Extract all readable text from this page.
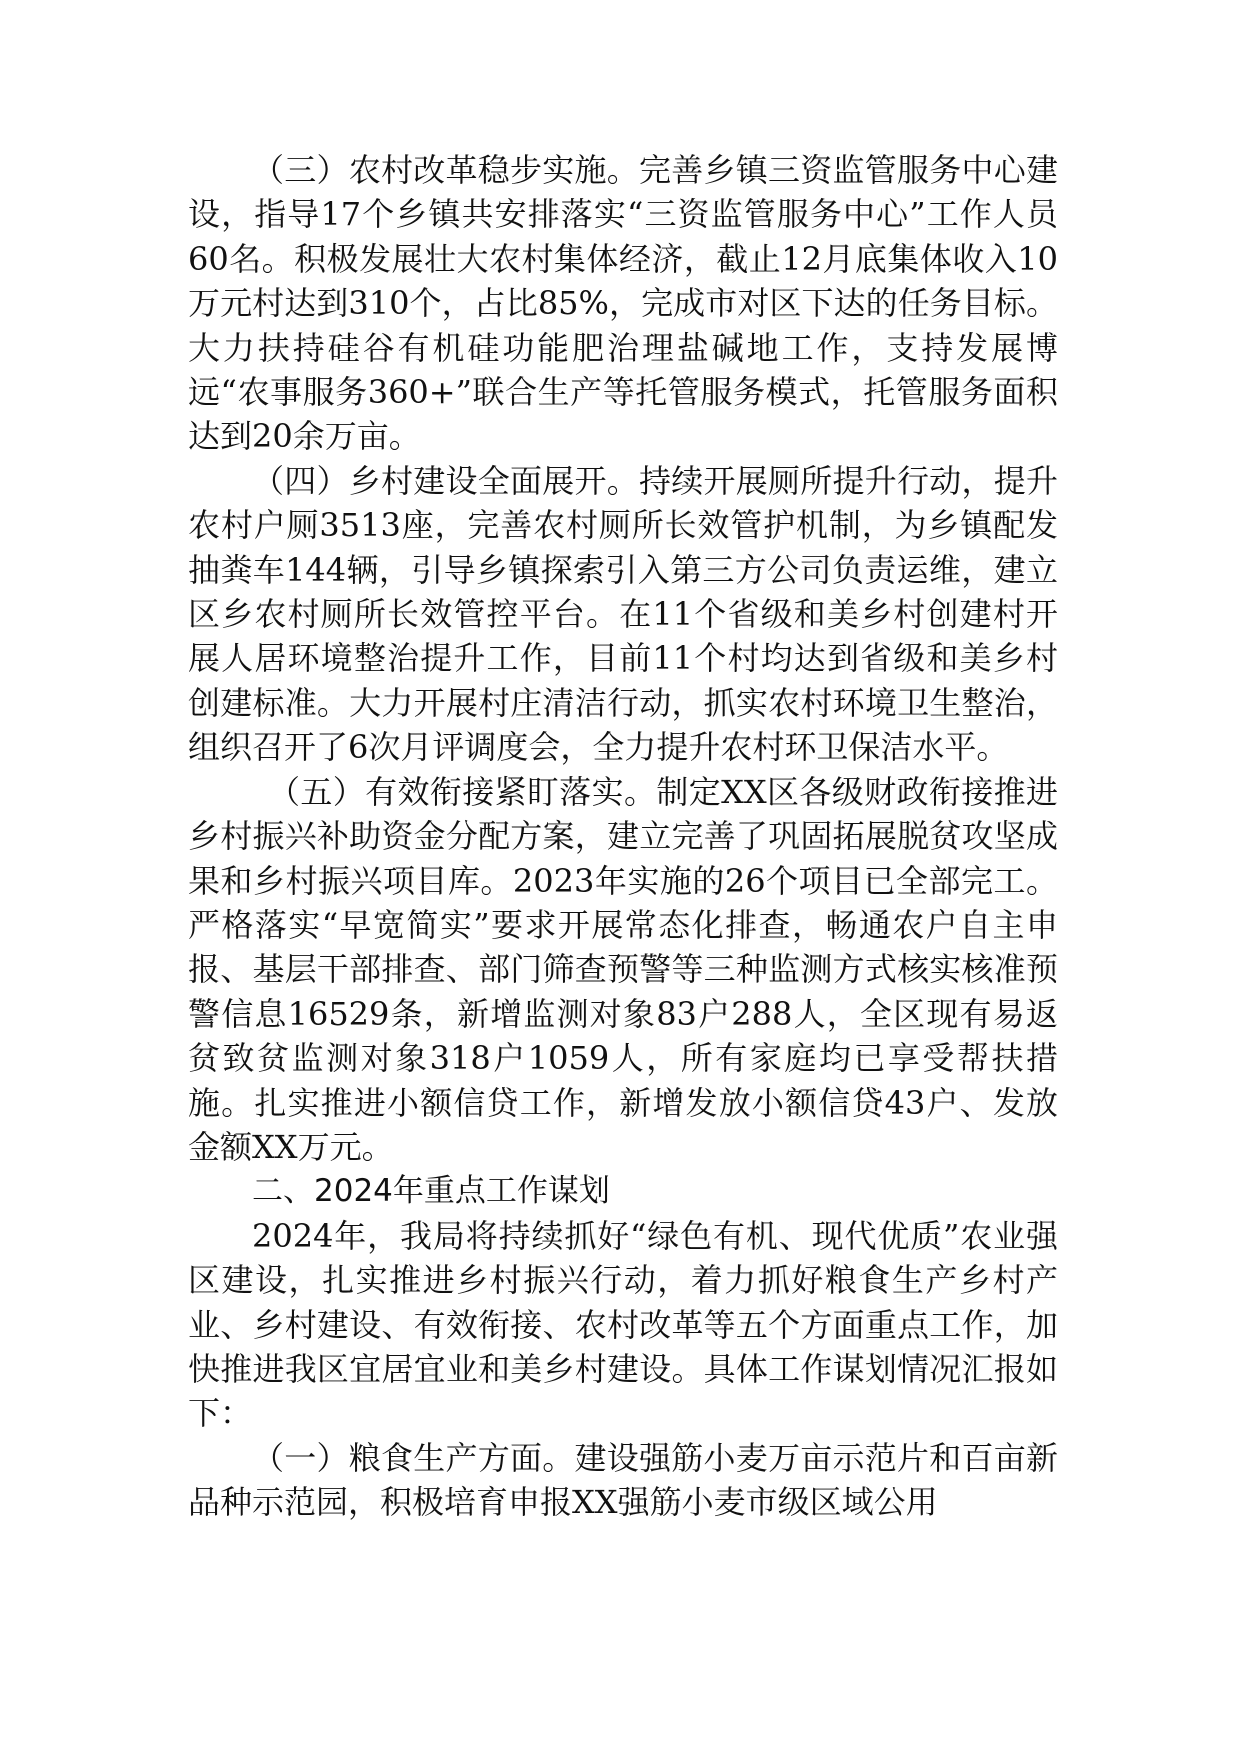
（三）农村改革稳步实施。完善乡镇三资监管服务中心建设，指导17个乡镇共安排落实“三资监管服务中心”工作人员60名。积极发展壮大农村集体经济，截止12月底集体收入10万元村达到310个，占比85%，完成市对区下达的任务目标。大力扶持硅谷有机硅功能肥治理盐碱地工作，支持发展博远“农事服务360+”联合生产等托管服务模式，托管服务面积达到20余万亩。

（四）乡村建设全面展开。持续开展厕所提升行动，提升农村户厕3513座，完善农村厕所长效管护机制，为乡镇配发抽粪车144辆，引导乡镇探索引入第三方公司负责运维，建立区乡农村厕所长效管控平台。在11个省级和美乡村创建村开展人居环境整治提升工作，目前11个村均达到省级和美乡村创建标准。大力开展村庄清洁行动，抓实农村环境卫生整治，组织召开了6次月评调度会，全力提升农村环卫保洁水平。

（五）有效衔接紧盯落实。制定XX区各级财政衔接推进乡村振兴补助资金分配方案，建立完善了巩固拓展脱贫攻坚成果和乡村振兴项目库。2023年实施的26个项目已全部完工。严格落实“早宽简实”要求开展常态化排查，畅通农户自主申报、基层干部排查、部门筛查预警等三种监测方式核实核准预警信息16529条，新增监测对象83户288人，全区现有易返贫致贫监测对象318户1059人，所有家庭均已享受帮扶措施。扎实推进小额信贷工作，新增发放小额信贷43户、发放金额XX万元。

二、2024年重点工作谋划

2024年，我局将持续抓好“绿色有机、现代优质”农业强区建设，扎实推进乡村振兴行动，着力抓好粮食生产乡村产业、乡村建设、有效衔接、农村改革等五个方面重点工作，加快推进我区宜居宜业和美乡村建设。具体工作谋划情况汇报如下：

（一）粮食生产方面。建设强筋小麦万亩示范片和百亩新品种示范园，积极培育申报XX强筋小麦市级区域公用
